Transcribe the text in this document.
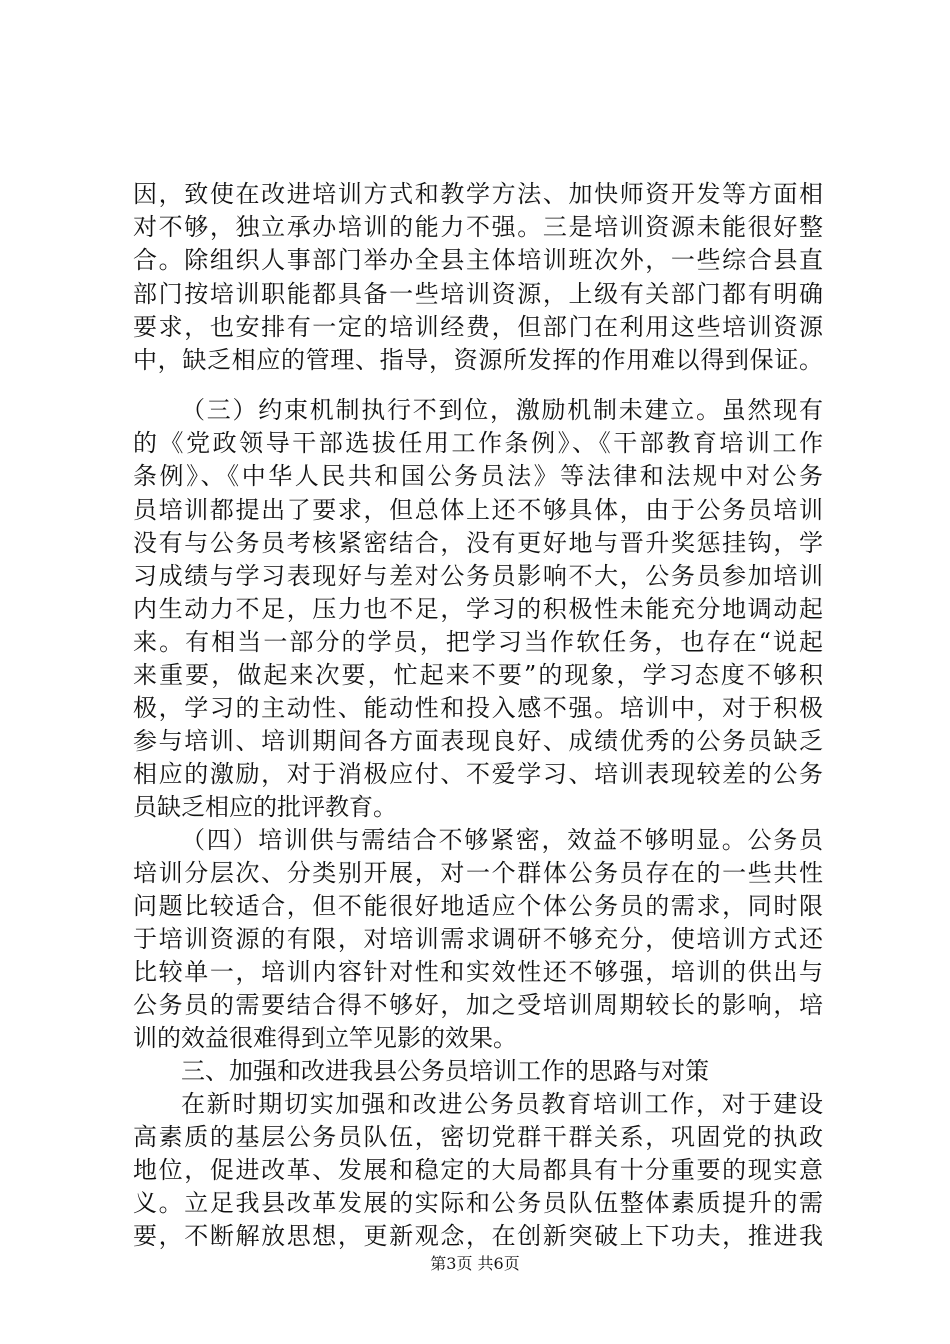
因，致使在改进培训方式和教学方法、加快师资开发等方面相
对不够，独立承办培训的能力不强。三是培训资源未能很好整
合。除组织人事部门举办全县主体培训班次外，一些综合县直
部门按培训职能都具备一些培训资源，上级有关部门都有明确
要求，也安排有一定的培训经费，但部门在利用这些培训资源
中，缺乏相应的管理、指导，资源所发挥的作用难以得到保证。
（三）约束机制执行不到位，激励机制未建立。虽然现有
的《党政领导干部选拔任用工作条例》、《干部教育培训工作
条例》、《中华人民共和国公务员法》等法律和法规中对公务
员培训都提出了要求，但总体上还不够具体，由于公务员培训
没有与公务员考核紧密结合，没有更好地与晋升奖惩挂钩，学
习成绩与学习表现好与差对公务员影响不大，公务员参加培训
内生动力不足，压力也不足，学习的积极性未能充分地调动起
来。有相当一部分的学员，把学习当作软任务，也存在“说起
来重要，做起来次要，忙起来不要”的现象，学习态度不够积
极，学习的主动性、能动性和投入感不强。培训中，对于积极
参与培训、培训期间各方面表现良好、成绩优秀的公务员缺乏
相应的激励，对于消极应付、不爱学习、培训表现较差的公务
员缺乏相应的批评教育。
（四）培训供与需结合不够紧密，效益不够明显。公务员
培训分层次、分类别开展，对一个群体公务员存在的一些共性
问题比较适合，但不能很好地适应个体公务员的需求，同时限
于培训资源的有限，对培训需求调研不够充分，使培训方式还
比较单一，培训内容针对性和实效性还不够强，培训的供出与
公务员的需要结合得不够好，加之受培训周期较长的影响，培
训的效益很难得到立竿见影的效果。
三、加强和改进我县公务员培训工作的思路与对策
在新时期切实加强和改进公务员教育培训工作，对于建设
高素质的基层公务员队伍，密切党群干群关系，巩固党的执政
地位，促进改革、发展和稳定的大局都具有十分重要的现实意
义。立足我县改革发展的实际和公务员队伍整体素质提升的需
要，不断解放思想，更新观念，在创新突破上下功夫，推进我
第3页 共6页
